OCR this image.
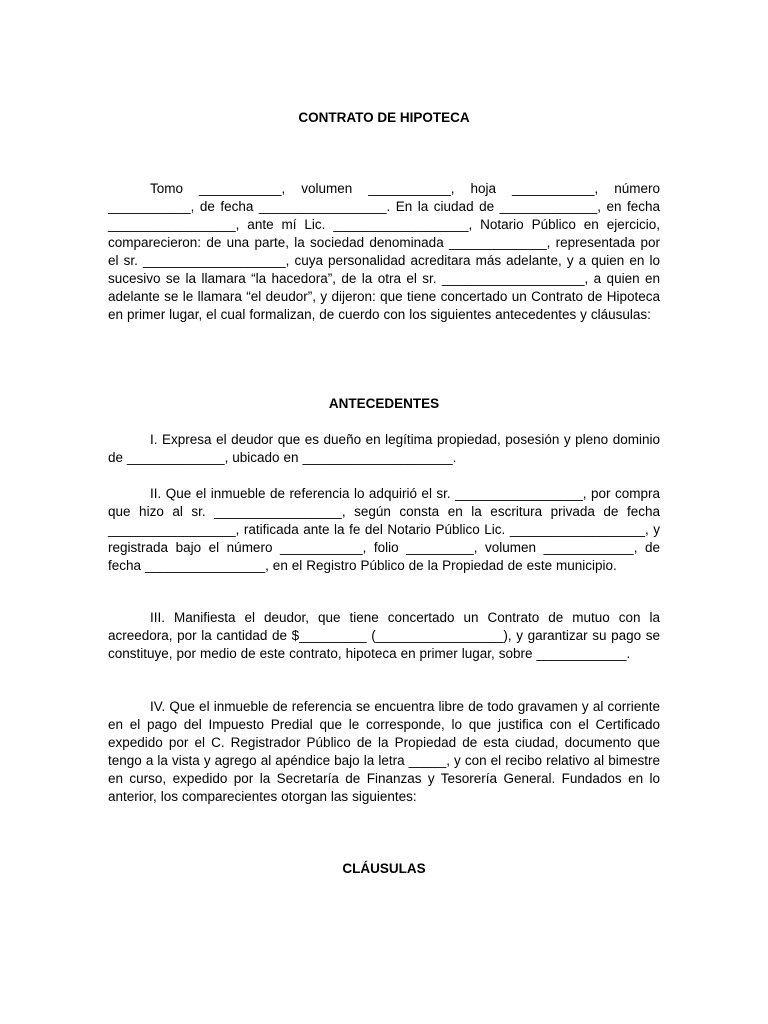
CONTRATO DE HIPOTECA

Tomo ___________, volumen ___________, hoja ___________, número ___________, de fecha _________________. En la ciudad de _____________, en fecha _________________, ante mí Lic. __________________, Notario Público en ejercicio, comparecieron: de una parte, la sociedad denominada _____________, representada por el sr. ___________________, cuya personalidad acreditara más adelante, y a quien en lo sucesivo se la llamara “la hacedora”, de la otra el sr. ___________________, a quien en adelante se le llamara “el deudor”, y dijeron: que tiene concertado un Contrato de Hipoteca en primer lugar, el cual formalizan, de cuerdo con los siguientes antecedentes y cláusulas:

ANTECEDENTES

I. Expresa el deudor que es dueño en legítima propiedad, posesión y pleno dominio de _____________, ubicado en ____________________.

II. Que el inmueble de referencia lo adquirió el sr. _________________, por compra que hizo al sr. _________________, según consta en la escritura privada de fecha _________________, ratificada ante la fe del Notario Público Lic. __________________, y registrada bajo el número ___________, folio _________, volumen ____________, de fecha ________________, en el Registro Público de la Propiedad de este municipio.

III. Manifiesta el deudor, que tiene concertado un Contrato de mutuo con la acreedora, por la cantidad de $_________ (_________________), y garantizar su pago se constituye, por medio de este contrato, hipoteca en primer lugar, sobre ____________.

IV. Que el inmueble de referencia se encuentra libre de todo gravamen y al corriente en el pago del Impuesto Predial que le corresponde, lo que justifica con el Certificado expedido por el C. Registrador Público de la Propiedad de esta ciudad, documento que tengo a la vista y agrego al apéndice bajo la letra _____, y con el recibo relativo al bimestre en curso, expedido por la Secretaría de Finanzas y Tesorería General. Fundados en lo anterior, los comparecientes otorgan las siguientes:

CLÁUSULAS
